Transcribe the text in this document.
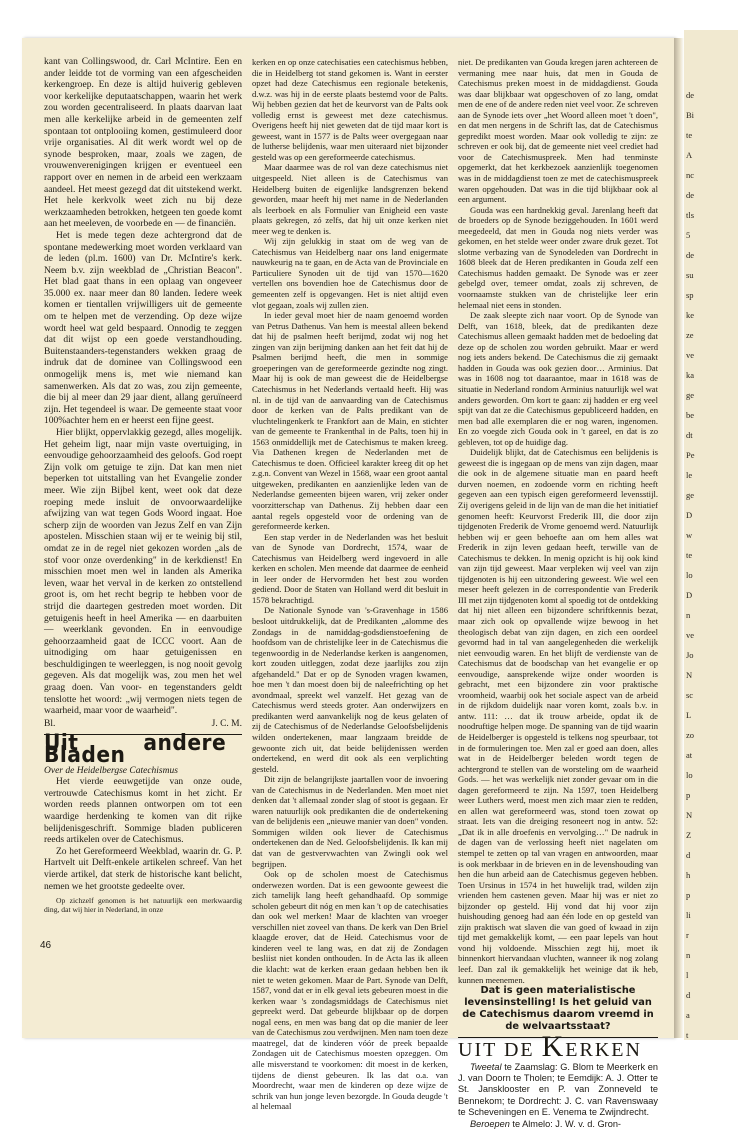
de
Bi
te
A
nc
de
tls
5
de
su
sp
ke
ze
ve
ka
ge
be
dt
Pe
le
ge
D
w
te
lo
D
n
ve
Jo
N
sc
L
zo
at
lo
p
N
Z
d
h
p
li
r
n
l
d
a
t

kant van Collingswood, dr. Carl McIntire. Een en ander leidde tot de vorming van een afgescheiden kerkengroep. En deze is altijd huiverig gebleven voor kerkelijke deputaatschappen, waarin het werk zou worden gecentraliseerd. In plaats daarvan laat men alle kerkelijke arbeid in de gemeenten zelf spontaan tot ontplooiing komen, gestimuleerd door vrije organisaties. Al dit werk wordt wel op de synode besproken, maar, zoals we zagen, de vrouwenverenigingen krijgen er eventueel een rapport over en nemen in de arbeid een werkzaam aandeel. Het meest gezegd dat dit uitstekend werkt. Het hele kerkvolk weet zich nu bij deze werkzaamheden betrokken, hetgeen ten goede komt aan het meeleven, de voorbede en — de financiën.

Het is mede tegen deze achtergrond dat de spontane medewerking moet worden verklaard van de leden (pl.m. 1600) van Dr. McIntire's kerk. Neem b.v. zijn weekblad de „Christian Beacon". Het blad gaat thans in een oplaag van ongeveer 35.000 ex. naar meer dan 80 landen. Iedere week komen er tientallen vrijwilligers uit de gemeente om te helpen met de verzending. Op deze wijze wordt heel wat geld bespaard. Onnodig te zeggen dat dit wijst op een goede verstandhouding. Buitenstaanders-tegenstanders wekken graag de indruk dat de dominee van Collingswood een onmogelijk mens is, met wie niemand kan samenwerken. Als dat zo was, zou zijn gemeente, die bij al meer dan 29 jaar dient, allang geruïneerd zijn. Het tegendeel is waar. De gemeente staat voor 100%achter hem en er heerst een fijne geest.

Hier blijkt, oppervlakkig gezegd, alles mogelijk. Het geheim ligt, naar mijn vaste overtuiging, in eenvoudige gehoorzaamheid des geloofs. God roept Zijn volk om getuige te zijn. Dat kan men niet beperken tot uitstalling van het Evangelie zonder meer. Wie zijn Bijbel kent, weet ook dat deze roeping mede insluit de onvoorwaardelijke afwijzing van wat tegen Gods Woord ingaat. Hoe scherp zijn de woorden van Jezus Zelf en van Zijn apostelen. Misschien staan wij er te weinig bij stil, omdat ze in de regel niet gekozen worden „als de stof voor onze overdenking" in de kerkdienst! En misschien moet men wel in landen als Amerika leven, waar het verval in de kerken zo ontstellend groot is, om het recht begrip te hebben voor de strijd die daartegen gestreden moet worden. Dit getuigenis heeft in heel Amerika — en daarbuiten — weerklank gevonden. En in eenvoudige gehoorzaamheid gaat de ICCC voort. Aan de uitnodiging om haar getuigenissen en beschuldigingen te weerleggen, is nog nooit gevolg gegeven. Als dat mogelijk was, zou men het wel graag doen. Van voor- en tegenstanders geldt tenslotte het woord: „wij vermogen niets tegen de waarheid, maar voor de waarheid".

Bl.	J. C. M.
Uit andere Bladen

Over de Heidelbergse Catechismus

Het vierde eeuwgetijde van onze oude, vertrouwde Catechismus komt in het zicht. Er worden reeds plannen ontworpen om tot een waardige herdenking te komen van dit rijke belijdenisgeschrift. Sommige bladen publiceren reeds artikelen over de Catechismus.

Zo het Gereformeerd Weekblad, waarin dr. G. P. Hartvelt uit Delft-enkele artikelen schreef. Van het vierde artikel, dat sterk de historische kant belicht, nemen we het grootste gedeelte over.

Op zichzelf genomen is het natuurlijk een merkwaardig ding, dat wij hier in Nederland, in onze

kerken en op onze catechisaties een catechismus hebben, die in Heidelberg tot stand gekomen is. Want in eerster opzet had deze Catechismus een regionale betekenis, d.w.z. was hij in de eerste plaats bestemd voor de Palts. Wij hebben gezien dat het de keurvorst van de Palts ook volledig ernst is geweest met deze catechismus. Overigens heeft hij niet geweten dat de tijd maar kort is geweest, want in 1577 is de Palts weer overgegaan naar de lutherse belijdenis, waar men uiteraard niet bijzonder gesteld was op een gereformeerde catechismus.

Maar daarmee was de rol van deze catechismus niet uitgespeeld. Niet alleen is de Catechismus van Heidelberg buiten de eigenlijke landsgrenzen bekend geworden, maar heeft hij met name in de Nederlanden als leerboek en als Formulier van Enigheid een vaste plaats gekregen, zó zelfs, dat hij uit onze kerken niet meer weg te denken is.

Wij zijn gelukkig in staat om de weg van de Catechismus van Heidelberg naar ons land enigermate nauwkeurig na te gaan, en de Acta van de Provinciale en Particuliere Synoden uit de tijd van 1570—1620 vertellen ons bovendien hoe de Catechismus door de gemeenten zelf is opgevangen. Het is niet altijd even vlot gegaan, zoals wij zullen zien.

In ieder geval moet hier de naam genoemd worden van Petrus Dathenus. Van hem is meestal alleen bekend dat hij de psalmen heeft berijmd, zodat wij nog het zingen van zijn berijming danken aan het feit dat hij de Psalmen berijmd heeft, die men in sommige groeperingen van de gereformeerde gezindte nog zingt. Maar hij is ook de man geweest die de Heidelbergse Catechismus in het Nederlands vertaald heeft. Hij was nl. in de tijd van de aanvaarding van de Catechismus door de kerken van de Palts predikant van de vluchtelingenkerk te Frankfort aan de Main, en stichter van de gemeente te Frankenthal in de Palts, toen hij in 1563 onmiddellijk met de Catechismus te maken kreeg. Via Dathenen kregen de Nederlanden met de Catechismus te doen. Officieel karakter kreeg dit op het z.g.n. Convent van Wezel in 1568, waar een groot aantal uitgeweken, predikanten en aanzienlijke leden van de Nederlandse gemeenten bijeen waren, vrij zeker onder voorzitterschap van Dathenus. Zij hebben daar een aantal regels opgesteld voor de ordening van de gereformeerde kerken.

Een stap verder in de Nederlanden was het besluit van de Synode van Dordrecht, 1574, waar de Catechismus van Heidelberg werd ingevoerd in alle kerken en scholen. Men meende dat daarmee de eenheid in leer onder de Hervormden het best zou worden gediend. Door de Staten van Holland werd dit besluit in 1578 bekrachtigd.

De Nationale Synode van 's-Gravenhage in 1586 besloot uitdrukkelijk, dat de Predikanten „alomme des Zondags in de namiddag-godsdienstoefening de hoofdsom van de christelijke leer in de Catechismus die tegenwoordig in de Nederlandse kerken is aangenomen, kort zouden uitleggen, zodat deze jaarlijks zou zijn afgehandeld." Dat er op de Synoden vragen kwamen, hoe men 't dan moest doen bij de naleefrichting op het avondmaal, spreekt wel vanzelf. Het gezag van de Catechismus werd steeds groter. Aan onderwijzers en predikanten werd aanvankelijk nog de keus gelaten of zij de Catechismus of de Nederlandse Geloofsbelijdenis wilden ondertekenen, maar langzaam breidde de gewoonte zich uit, dat beide belijdenissen werden ondertekend, en werd dit ook als een verplichting gesteld.

Dit zijn de belangrijkste jaartallen voor de invoering van de Catechismus in de Nederlanden. Men moet niet denken dat 't allemaal zonder slag of stoot is gegaan. Er waren natuurlijk ook predikanten die de ondertekening van de belijdenis een „nieuwe manier van doen" vonden. Sommigen wilden ook liever de Catechismus ondertekenen dan de Ned. Geloofsbelijdenis. Ik kan mij dat van de gestvervwachten van Zwingli ook wel begrijpen.

Ook op de scholen moest de Catechismus onderwezen worden. Dat is een gewoonte geweest die zich tamelijk lang heeft gehandhaafd. Op sommige scholen gebeurt dit nóg en men kan 't op de catechisaties dan ook wel merken! Maar de klachten van vroeger verschillen niet zoveel van thans. De kerk van Den Briel klaagde erover, dat de Heid. Catechismus voor de kinderen veel te lang was, en dat zij de Zondagen besliist niet konden onthouden. In de Acta las ik alleen die klacht: wat de kerken eraan gedaan hebben ben ik niet te weten gekomen. Maar de Part. Synode van Delft, 1587, vond dat er in elk geval iets gebeuren moest in die kerken waar 's zondagsmiddags de Catechismus niet gepreekt werd. Dat gebeurde blijkbaar op de dorpen nogal eens, en men was bang dat op die manier de leer van de Catechismus zou verdwijnen. Men nam toen deze maatregel, dat de kinderen vóór de preek bepaalde Zondagen uit de Catechismus moesten opzeggen. Om alle misverstand te voorkomen: dit moest in de kerken, tijdens de dienst gebeuren. Ik las dat o.a. van Moordrecht, waar men de kinderen op deze wijze de schrik van hun jonge leven bezorgde. In Gouda deugde 't al helemaal

niet. De predikanten van Gouda kregen jaren achtereen de vermaning mee naar huis, dat men in Gouda de Catechismus preken moest in de middagdienst. Gouda was daar blijkbaar wat opgeschoven of zo lang, omdat men de ene of de andere reden niet veel voor. Ze schreven aan de Synode iets over „het Woord alleen moet 't doen", en dat men nergens in de Schrift las, dat de Catechismus gepredikt moest worden. Maar ook volledig te zijn: ze schreven er ook bij, dat de gemeente niet veel crediet had voor de Catechismuspreek. Men had tenminste opgemerkt, dat het kerkbezoek aanzienlijk toegenomen was in de middagdienst toen ze met de catechismuspreek waren opgehouden. Dat was in die tijd blijkbaar ook al een argument.

Gouda was een hardnekkig geval. Jarenlang heeft dat de broeders op de Synode beziggehouden. In 1601 werd meegedeeld, dat men in Gouda nog niets verder was gekomen, en het stelde weer onder zware druk gezet. Tot slotme verbazing van de Synodeleden van Dordrecht in 1608 bleek dat de Heren predikanten in Gouda zelf een Catechismus hadden gemaakt. De Synode was er zeer gebelgd over, temeer omdat, zoals zij schreven, de voornaamste stukken van de christelijke leer erin helemaal niet eens in stonden.

De zaak sleepte zich naar voort. Op de Synode van Delft, van 1618, bleek, dat de predikanten deze Catechismus alleen gemaakt hadden met de bedoeling dat deze op de scholen zou worden gebruikt. Maar er werd nog iets anders bekend. De Catechismus die zij gemaakt hadden in Gouda was ook gezien door… Arminius. Dat was in 1608 nog tot daaraantoe, maar in 1618 was de situatie in Nederland rondom Arminius natuurlijk wel wat anders geworden. Om kort te gaan: zij hadden er erg veel spijt van dat ze die Catechismus gepubliceerd hadden, en men bad alle exemplaren die er nog waren, ingenomen. En zo voegde zich Gouda ook in 't gareel, en dat is zo gebleven, tot op de huidige dag.

Duidelijk blijkt, dat de Catechismus een belijdenis is geweest die is ingegaan op de mens van zijn dagen, maar die ook in de algemene situatie man en paard heeft durven noemen, en zodoende vorm en richting heeft gegeven aan een typisch eigen gereformeerd levensstijl. Zij overigens geleid in de lijn van de man die het initiatief genomen heeft: Keurvorst Frederik III, die door zijn tijdgenoten Frederik de Vrome genoemd werd. Natuurlijk hebben wij er geen behoefte aan om hem alles wat Frederik in zijn leven gedaan heeft, terwille van de Catechismus te dekken. In menig opzicht is hij ook kind van zijn tijd geweest. Maar verpleken wij veel van zijn tijdgenoten is hij een uitzondering geweest. Wie wel een meser heeft gelezen in de correspondentie van Frederik III met zijn tijdgenoten komt al spoedig tot de ontdekking dat hij niet alleen een bijzondere schriftkennis bezat, maar zich ook op opvallende wijze bewoog in het theologisch debat van zijn dagen, en zich een oordeel gevormd had in tal van aangelegenheden die werkelijk niet eenvoudig waren. En het blijft de verdienste van de Catechismus dat de boodschap van het evangelie er op eenvoudige, aansprekende wijze onder woorden is gebracht, met een bijzondere zin voor praktische vroomheid, waarbij ook het sociale aspect van de arbeid in de rijkdom duidelijk naar voren komt, zoals b.v. in antw. 111: … dat ik trouw arbeide, opdat ik de noodruftige helpen moge. De spanning van de tijd waarin de Heidelberger is opgesteld is telkens nog speurbaar, tot in de formuleringen toe. Men zal er goed aan doen, alles wat in de Heidelberger beleden wordt tegen de achtergrond te stellen van de worsteling om de waarheid Gods. — het was werkelijk niet zonder gevaar om in die dagen gereformeerd te zijn. Na 1597, toen Heidelberg weer Luthers werd, moest men zich maar zien te redden, en allen wat gereformeerd was, stond toen zowat op straat. Iets van die dreiging resoneert nog in antw. 52: „Dat ik in alle droefenis en vervolging…" De nadruk in de dagen van de verlossing heeft niet nagelaten om stempel te zetten op tal van vragen en antwoorden, maar is ook merkbaar in de brieven en in de levenshouding van hen die hun arbeid aan de Catechismus gegeven hebben. Toen Ursinus in 1574 in het huwelijk trad, wilden zijn vrienden hem castenen geven. Maar hij was er niet zo bijzonder op gesteld. Hij vond dat hij voor zijn huishouding genoeg had aan één lode en op gesteld van zijn praktisch wat slaven die van goed of kwaad in zijn tijd met gemakkelijk komt, — een paar lepels van hout vond hij voldoende. Misschien zegt hij, moet ik binnenkort hiervandaan vluchten, wanneer ik nog zolang leef. Dan zal ik gemakkelijk het weinige dat ik heb, kunnen meenemen.

Dat is geen materialistische levensinstelling! Is het geluid van de Catechismus daarom vreemd in de welvaartsstaat?

UIT DE KERKEN

Tweetal te Zaamslag: G. Blom te Meerkerk en J. van Doorn te Tholen; te Eemdijk: A. J. Otter te St. Jansklooster en P. van Zonneveld te Bennekom; te Dordrecht: J. C. van Ravenswaay te Scheveningen en E. Venema te Zwijndrecht.

Beroepen te Almelo: J. W. v. d. Gron-

46
